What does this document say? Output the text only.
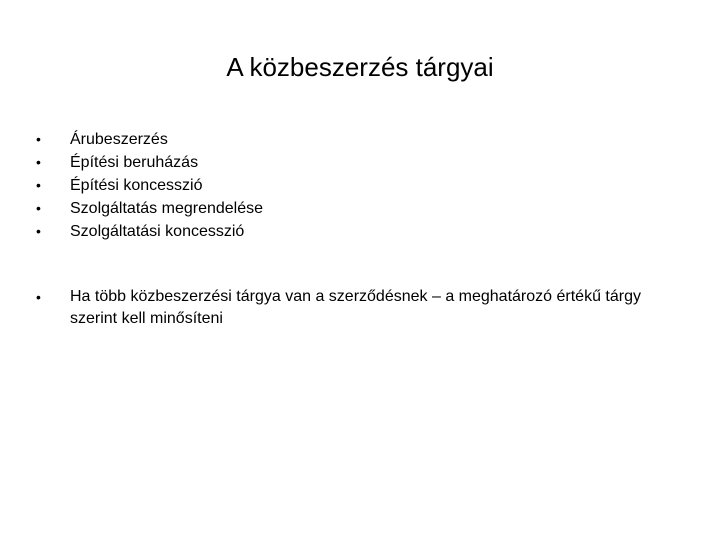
A közbeszerzés tárgyai
• Árubeszerzés
• Építési beruházás
• Építési koncesszió
• Szolgáltatás megrendelése
• Szolgáltatási koncesszió
• Ha több közbeszerzési tárgya van a szerződésnek – a meghatározó értékű tárgy szerint kell minősíteni
